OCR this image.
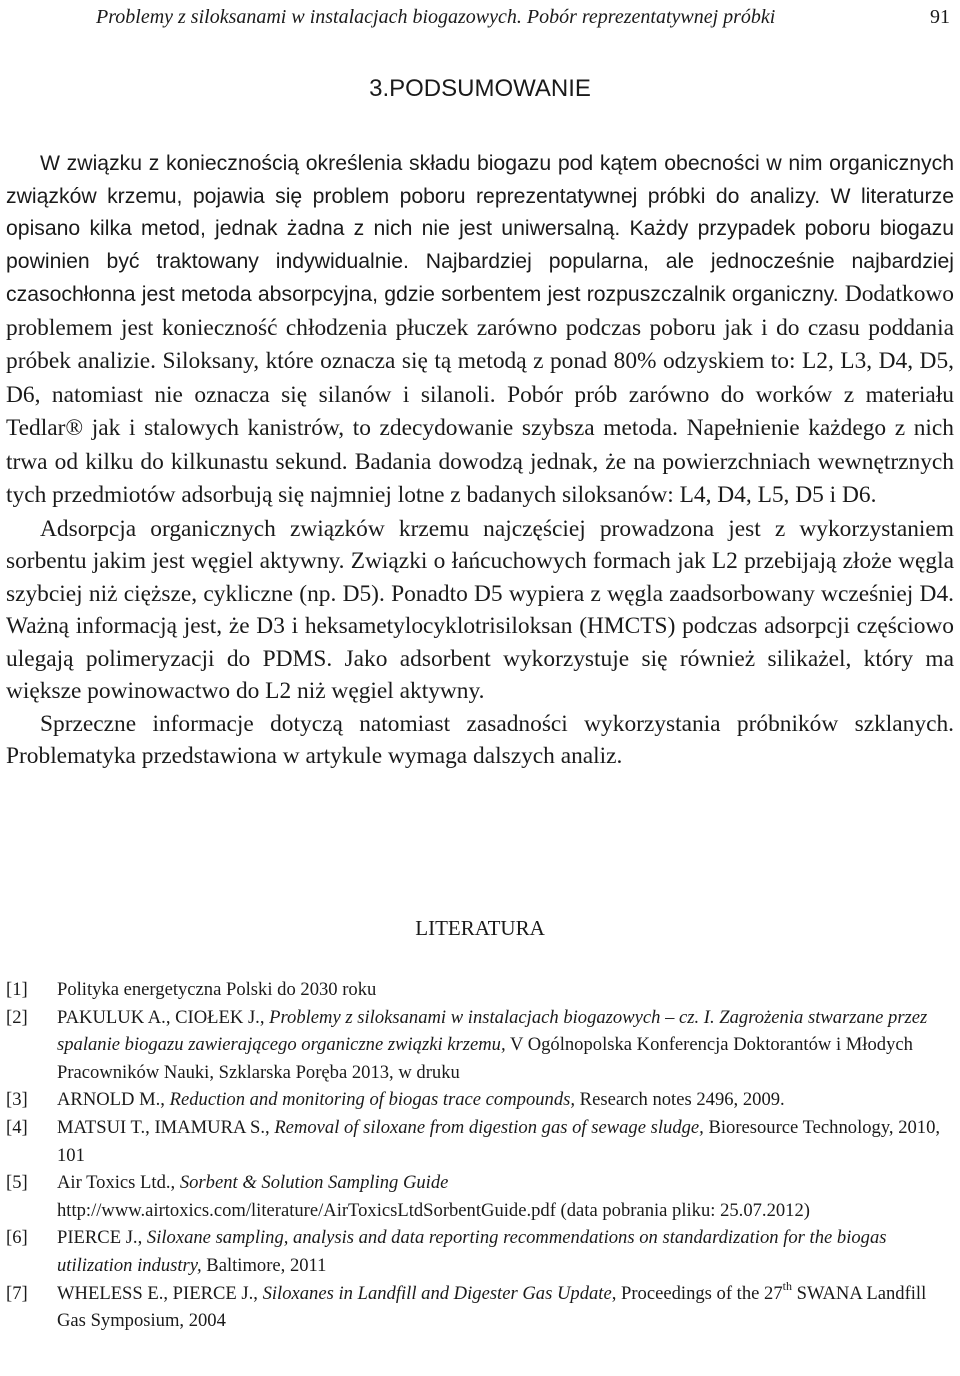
Problemy z siloksanami w instalacjach biogazowych. Pobór reprezentatywnej próbki	91
3.PODSUMOWANIE

W związku z koniecznością określenia składu biogazu pod kątem obecności w nim organicznych związków krzemu, pojawia się problem poboru reprezentatywnej próbki do analizy. W literaturze opisano kilka metod, jednak żadna z nich nie jest uniwersalną. Każdy przypadek poboru biogazu powinien być traktowany indywidualnie. Najbardziej popularna, ale jednocześnie najbardziej czasochłonna jest metoda absorpcyjna, gdzie sorbentem jest rozpuszczalnik organiczny. Dodatkowo problemem jest konieczność chłodzenia płuczek zarówno podczas poboru jak i do czasu poddania próbek analizie. Siloksany, które oznacza się tą metodą z ponad 80% odzyskiem to: L2, L3, D4, D5, D6, natomiast nie oznacza się silanów i silanoli. Pobór prób zarówno do worków z materiału Tedlar® jak i stalowych kanistrów, to zdecydowanie szybsza metoda. Napełnienie każdego z nich trwa od kilku do kilkunastu sekund. Badania dowodzą jednak, że na powierzchniach wewnętrznych tych przedmiotów adsorbują się najmniej lotne z badanych siloksanów: L4, D4, L5, D5 i D6.

Adsorpcja organicznych związków krzemu najczęściej prowadzona jest z wykorzystaniem sorbentu jakim jest węgiel aktywny. Związki o łańcuchowych formach jak L2 przebijają złoże węgla szybciej niż cięższe, cykliczne (np. D5). Ponadto D5 wypiera z węgla zaadsorbowany wcześniej D4. Ważną informacją jest, że D3 i heksametylocyklotrisiloksan (HMCTS) podczas adsorpcji częściowo ulegają polimeryzacji do PDMS. Jako adsorbent wykorzystuje się również silikażel, który ma większe powinowactwo do L2 niż węgiel aktywny.

Sprzeczne informacje dotyczą natomiast zasadności wykorzystania próbników szklanych. Problematyka przedstawiona w artykule wymaga dalszych analiz.

LITERATURA
[1] Polityka energetyczna Polski do 2030 roku
[2] PAKULUK A., CIOŁEK J., Problemy z siloksanami w instalacjach biogazowych – cz. I. Zagrożenia stwarzane przez spalanie biogazu zawierającego organiczne związki krzemu, V Ogólnopolska Konferencja Doktorantów i Młodych Pracowników Nauki, Szklarska Poręba 2013, w druku
[3] ARNOLD M., Reduction and monitoring of biogas trace compounds, Research notes 2496, 2009.
[4] MATSUI T., IMAMURA S., Removal of siloxane from digestion gas of sewage sludge, Bioresource Technology, 2010, 101
[5] Air Toxics Ltd., Sorbent & Solution Sampling Guide
http://www.airtoxics.com/literature/AirToxicsLtdSorbentGuide.pdf (data pobrania pliku: 25.07.2012)
[6] PIERCE J., Siloxane sampling, analysis and data reporting recommendations on standardization for the biogas utilization industry, Baltimore, 2011
[7] WHELESS E., PIERCE J., Siloxanes in Landfill and Digester Gas Update, Proceedings of the 27th SWANA Landfill Gas Symposium, 2004
